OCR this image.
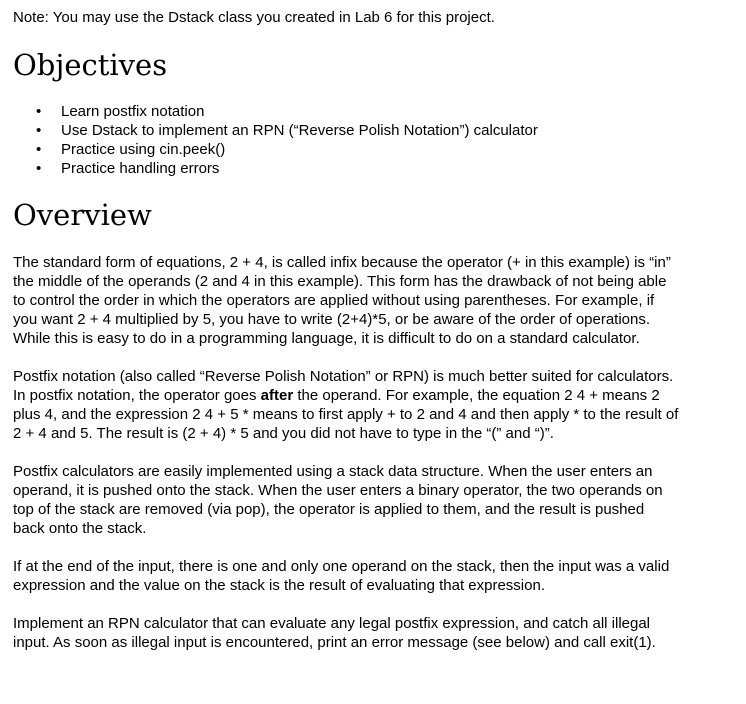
Note: You may use the Dstack class you created in Lab 6 for this project.
Objectives
• Learn postfix notation
• Use Dstack to implement an RPN (“Reverse Polish Notation”) calculator
• Practice using cin.peek()
• Practice handling errors
Overview

The standard form of equations, 2 + 4, is called infix because the operator (+ in this example) is “in”
the middle of the operands (2 and 4 in this example). This form has the drawback of not being able
to control the order in which the operators are applied without using parentheses. For example, if
you want 2 + 4 multiplied by 5, you have to write (2+4)*5, or be aware of the order of operations.
While this is easy to do in a programming language, it is difficult to do on a standard calculator.

Postfix notation (also called “Reverse Polish Notation” or RPN) is much better suited for calculators.
In postfix notation, the operator goes after the operand. For example, the equation 2 4 + means 2
plus 4, and the expression 2 4 + 5 * means to first apply + to 2 and 4 and then apply * to the result of
2 + 4 and 5. The result is (2 + 4) * 5 and you did not have to type in the “(” and “)”.

Postfix calculators are easily implemented using a stack data structure. When the user enters an
operand, it is pushed onto the stack. When the user enters a binary operator, the two operands on
top of the stack are removed (via pop), the operator is applied to them, and the result is pushed
back onto the stack.

If at the end of the input, there is one and only one operand on the stack, then the input was a valid
expression and the value on the stack is the result of evaluating that expression.

Implement an RPN calculator that can evaluate any legal postfix expression, and catch all illegal
input. As soon as illegal input is encountered, print an error message (see below) and call exit(1).
